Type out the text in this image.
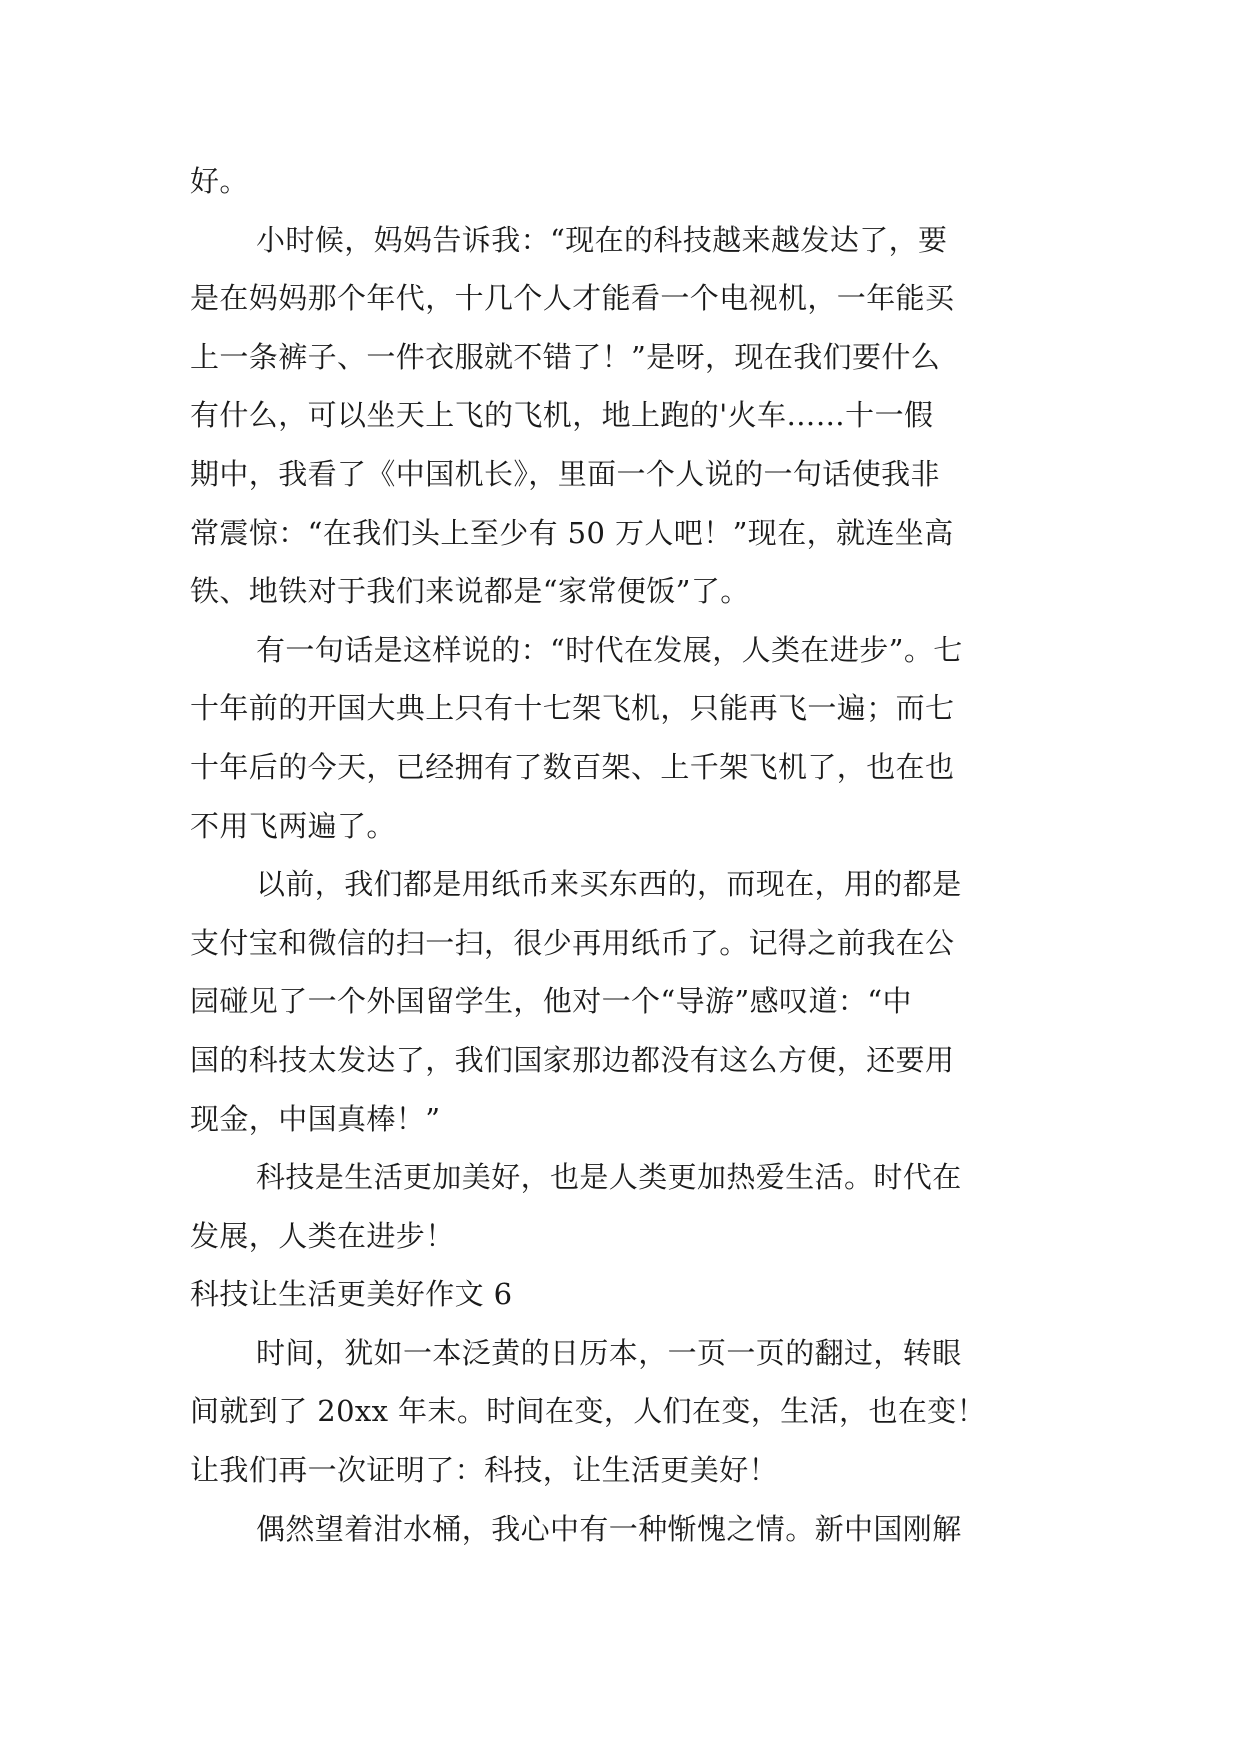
好。
小时候，妈妈告诉我：“现在的科技越来越发达了，要
是在妈妈那个年代，十几个人才能看一个电视机，一年能买
上一条裤子、一件衣服就不错了！”是呀，现在我们要什么
有什么，可以坐天上飞的飞机，地上跑的'火车……十一假
期中，我看了《中国机长》，里面一个人说的一句话使我非
常震惊：“在我们头上至少有 50 万人吧！”现在，就连坐高
铁、地铁对于我们来说都是“家常便饭”了。
有一句话是这样说的：“时代在发展，人类在进步”。七
十年前的开国大典上只有十七架飞机，只能再飞一遍；而七
十年后的今天，已经拥有了数百架、上千架飞机了，也在也
不用飞两遍了。
以前，我们都是用纸币来买东西的，而现在，用的都是
支付宝和微信的扫一扫，很少再用纸币了。记得之前我在公
园碰见了一个外国留学生，他对一个“导游”感叹道：“中
国的科技太发达了，我们国家那边都没有这么方便，还要用
现金，中国真棒！”
科技是生活更加美好，也是人类更加热爱生活。时代在
发展，人类在进步！
科技让生活更美好作文 6
时间，犹如一本泛黄的日历本，一页一页的翻过，转眼
间就到了 20xx 年末。时间在变，人们在变，生活，也在变！
让我们再一次证明了：科技，让生活更美好！
偶然望着泔水桶，我心中有一种惭愧之情。新中国刚解
